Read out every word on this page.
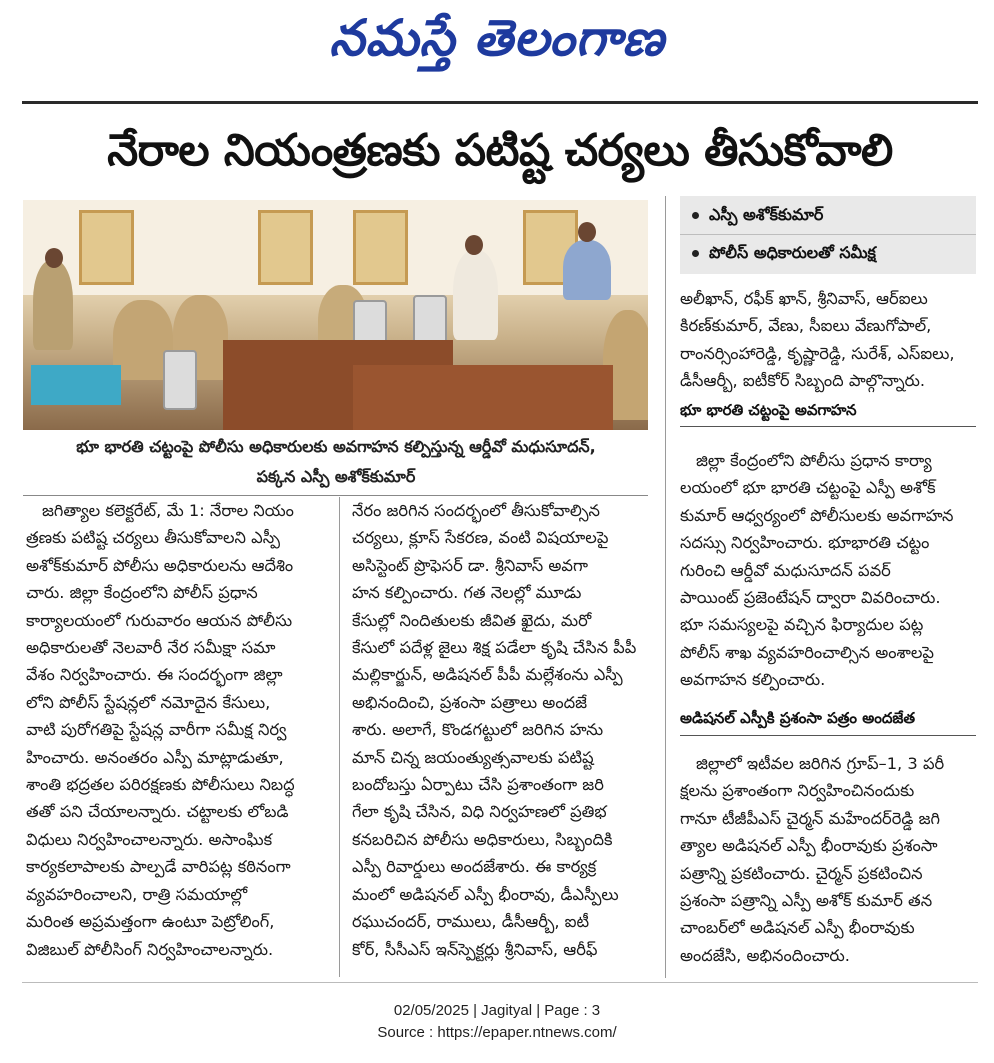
నమస్తే తెలంగాణ
నేరాల నియంత్రణకు పటిష్ట చర్యలు తీసుకోవాలి
భూ భారతి చట్టంపై పోలీసు అధికారులకు అవగాహన కల్పిస్తున్న ఆర్డీవో మధుసూదన్,
పక్కన ఎస్పీ అశోక్‌కుమార్
ఎస్పీ అశోక్‌కుమార్
పోలీస్ అధికారులతో సమీక్ష
జగిత్యాల కలెక్టరేట్, మే 1: నేరాల నియం
త్రణకు పటిష్ట చర్యలు తీసుకోవాలని ఎస్పీ
అశోక్‌కుమార్ పోలీసు అధికారులను ఆదేశిం
చారు. జిల్లా కేంద్రంలోని పోలీస్ ప్రధాన
కార్యాలయంలో గురువారం ఆయన పోలీసు
అధికారులతో నెలవారీ నేర సమీక్షా సమా
వేశం నిర్వహించారు. ఈ సందర్భంగా జిల్లా
లోని పోలీస్ స్టేషన్లలో నమోదైన కేసులు,
వాటి పురోగతిపై స్టేషన్ల వారీగా సమీక్ష నిర్వ
హించారు. అనంతరం ఎస్పీ మాట్లాడుతూ,
శాంతి భద్రతల పరిరక్షణకు పోలీసులు నిబద్ధ
తతో పని చేయాలన్నారు. చట్టాలకు లోబడి
విధులు నిర్వహించాలన్నారు. అసాంఘిక
కార్యకలాపాలకు పాల్పడే వారిపట్ల కఠినంగా
వ్యవహరించాలని, రాత్రి సమయాల్లో
మరింత అప్రమత్తంగా ఉంటూ పెట్రోలింగ్,
విజిబుల్ పోలీసింగ్ నిర్వహించాలన్నారు.
నేరం జరిగిన సందర్భంలో తీసుకోవాల్సిన
చర్యలు, క్లూస్ సేకరణ, వంటి విషయాలపై
అసిస్టెంట్ ప్రొఫెసర్ డా. శ్రీనివాస్ అవగా
హన కల్పించారు. గత నెలల్లో మూడు
కేసుల్లో నిందితులకు జీవిత ఖైదు, మరో
కేసులో పదేళ్ల జైలు శిక్ష పడేలా కృషి చేసిన పీపీ
మల్లికార్జున్, అడిషనల్ పీపీ మల్లేశంను ఎస్పీ
అభినందించి, ప్రశంసా పత్రాలు అందజే
శారు. అలాగే, కొండగట్టులో జరిగిన హను
మాన్ చిన్న జయంత్యుత్సవాలకు పటిష్ట
బందోబస్తు ఏర్పాటు చేసి ప్రశాంతంగా జరి
గేలా కృషి చేసిన, విధి నిర్వహణలో ప్రతిభ
కనబరిచిన పోలీసు అధికారులు, సిబ్బందికి
ఎస్పీ రివార్డులు అందజేశారు. ఈ కార్యక్ర
మంలో అడిషనల్ ఎస్పీ భీంరావు, డీఎస్పీలు
రఘుచందర్, రాములు, డీసీఆర్బీ, ఐటీ
కోర్, సీసీఎస్ ఇన్‌స్పెక్టర్లు శ్రీనివాస్, ఆరీఫ్
అలీఖాన్, రఫీక్ ఖాన్, శ్రీనివాస్, ఆర్ఐలు
కిరణ్‌కుమార్, వేణు, సీఐలు వేణుగోపాల్,
రాంనర్సింహారెడ్డి, కృష్ణారెడ్డి, సురేశ్, ఎస్ఐలు,
డీసీఆర్బీ, ఐటీకోర్ సిబ్బంది పాల్గొన్నారు.
భూ భారతి చట్టంపై అవగాహన
జిల్లా కేంద్రంలోని పోలీసు ప్రధాన కార్యా
లయంలో భూ భారతి చట్టంపై ఎస్పీ అశోక్
కుమార్ ఆధ్వర్యంలో పోలీసులకు అవగాహన
సదస్సు నిర్వహించారు. భూభారతి చట్టం
గురించి ఆర్డీవో మధుసూదన్ పవర్
పాయింట్ ప్రజెంటేషన్ ద్వారా వివరించారు.
భూ సమస్యలపై వచ్చిన ఫిర్యాదుల పట్ల
పోలీస్ శాఖ వ్యవహరించాల్సిన అంశాలపై
అవగాహన కల్పించారు.
అడిషనల్ ఎస్పీకి ప్రశంసా పత్రం అందజేత
జిల్లాలో ఇటీవల జరిగిన గ్రూప్–1, 3 పరీ
క్షలను ప్రశాంతంగా నిర్వహించినందుకు
గానూ టీజీపీఎస్ చైర్మన్ మహేందర్‌రెడ్డి జగి
త్యాల అడిషనల్ ఎస్పీ భీంరావుకు ప్రశంసా
పత్రాన్ని ప్రకటించారు. చైర్మన్ ప్రకటించిన
ప్రశంసా పత్రాన్ని ఎస్పీ అశోక్ కుమార్ తన
చాంబర్‌లో అడిషనల్ ఎస్పీ భీంరావుకు
అందజేసి, అభినందించారు.
02/05/2025 | Jagityal | Page : 3
Source : https://epaper.ntnews.com/
